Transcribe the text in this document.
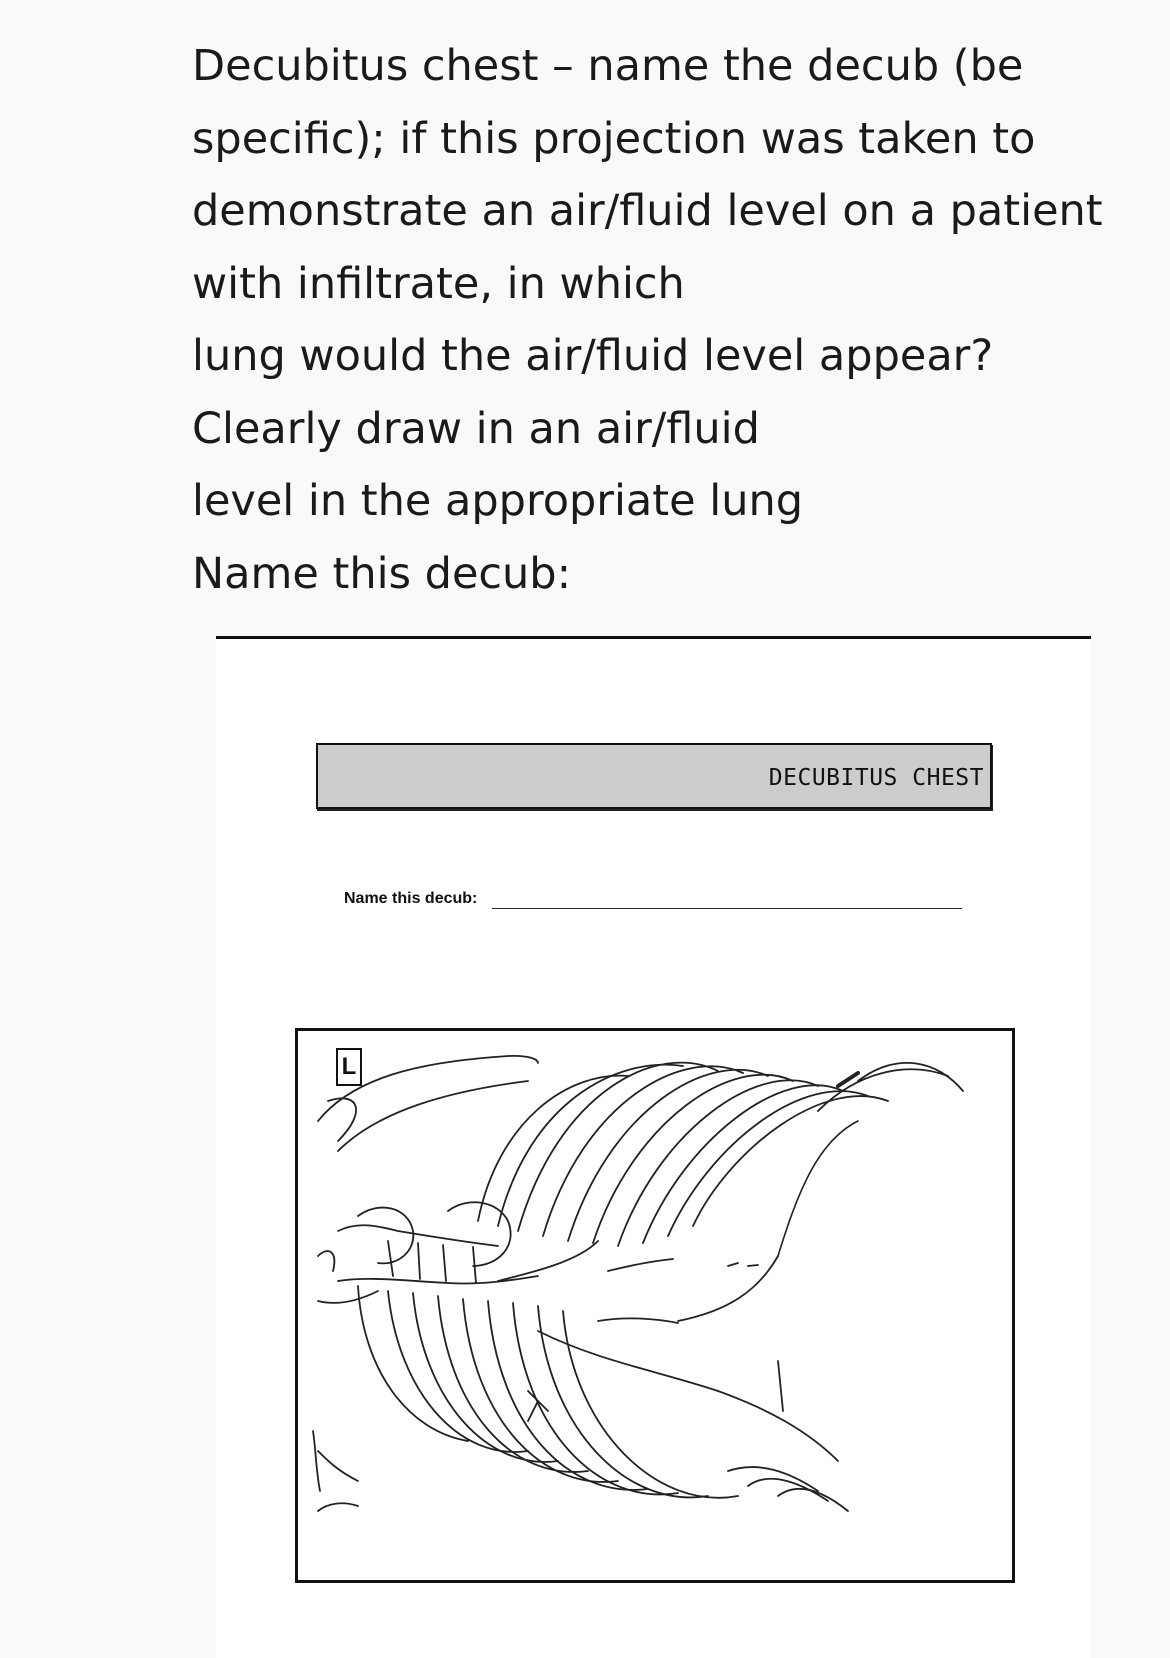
Decubitus chest – name the decub (be
specific); if this projection was taken to
demonstrate an air/fluid level on a patient
with infiltrate, in which
lung would the air/fluid level appear?
Clearly draw in an air/fluid
level in the appropriate lung
Name this decub:
DECUBITUS CHEST
Name this decub:
L
